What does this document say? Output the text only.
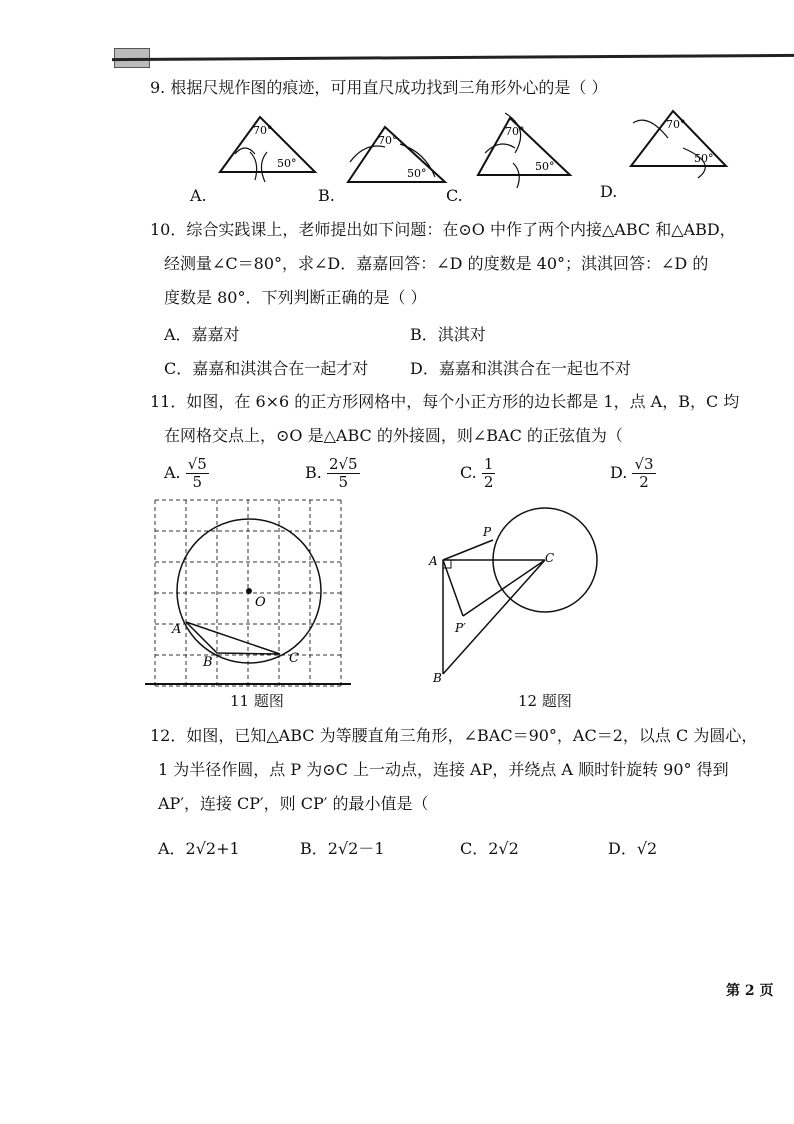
9. 根据尺规作图的痕迹，可用直尺成功找到三角形外心的是（ ）
70°
50°
A.
70°
50°
B.
70°
50°
C.
70°
50°
D.
10．综合实践课上，老师提出如下问题：在⊙O 中作了两个内接△ABC 和△ABD，
经测量∠C＝80°，求∠D．嘉嘉回答：∠D 的度数是 40°；淇淇回答：∠D 的
度数是 80°．下列判断正确的是（ ）
A．嘉嘉对	B．淇淇对
C．嘉嘉和淇淇合在一起才对	D．嘉嘉和淇淇合在一起也不对
11．如图，在 6×6 的正方形网格中，每个小正方形的边长都是 1，点 A，B，C 均
在网格交点上，⊙O 是△ABC 的外接圆，则∠BAC 的正弦值为（
A. $\frac{√5}{5}$	B. $\frac{2√5}{5}$	C. $\frac{1}{2}$	D. $\frac{√3}{2}$
O
A
B	C
11 题图
A
B
C
P
P′
12 题图
12．如图，已知△ABC 为等腰直角三角形，∠BAC＝90°，AC＝2，以点 C 为圆心，
1 为半径作圆，点 P 为⊙C 上一动点，连接 AP，并绕点 A 顺时针旋转 90° 得到
AP′，连接 CP′，则 CP′ 的最小值是（
A．2√2+1	B．2√2－1	C．2√2	D．√2
第 2 页
